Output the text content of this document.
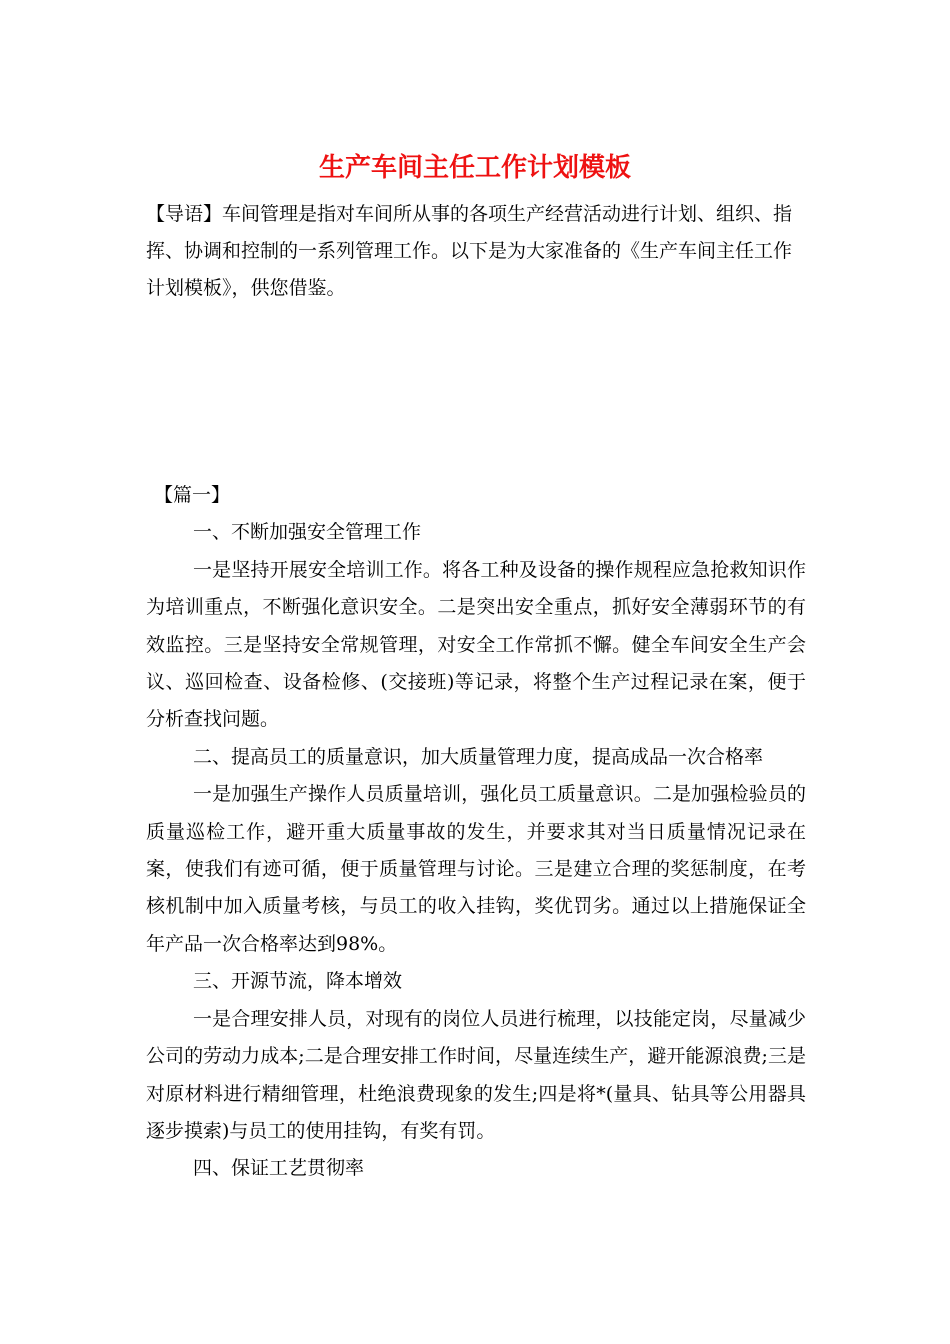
生产车间主任工作计划模板

【导语】车间管理是指对车间所从事的各项生产经营活动进行计划、组织、指挥、协调和控制的一系列管理工作。以下是为大家准备的《生产车间主任工作计划模板》，供您借鉴。

【篇一】

一、不断加强安全管理工作

一是坚持开展安全培训工作。将各工种及设备的操作规程应急抢救知识作为培训重点，不断强化意识安全。二是突出安全重点，抓好安全薄弱环节的有效监控。三是坚持安全常规管理，对安全工作常抓不懈。健全车间安全生产会议、巡回检查、设备检修、(交接班)等记录，将整个生产过程记录在案，便于分析查找问题。

二、提高员工的质量意识，加大质量管理力度，提高成品一次合格率

一是加强生产操作人员质量培训，强化员工质量意识。二是加强检验员的质量巡检工作，避开重大质量事故的发生，并要求其对当日质量情况记录在案，使我们有迹可循，便于质量管理与讨论。三是建立合理的奖惩制度，在考核机制中加入质量考核，与员工的收入挂钩，奖优罚劣。通过以上措施保证全年产品一次合格率达到98%。

三、开源节流，降本增效

一是合理安排人员，对现有的岗位人员进行梳理，以技能定岗，尽量减少公司的劳动力成本;二是合理安排工作时间，尽量连续生产，避开能源浪费;三是对原材料进行精细管理，杜绝浪费现象的发生;四是将*(量具、钻具等公用器具逐步摸索)与员工的使用挂钩，有奖有罚。

四、保证工艺贯彻率
